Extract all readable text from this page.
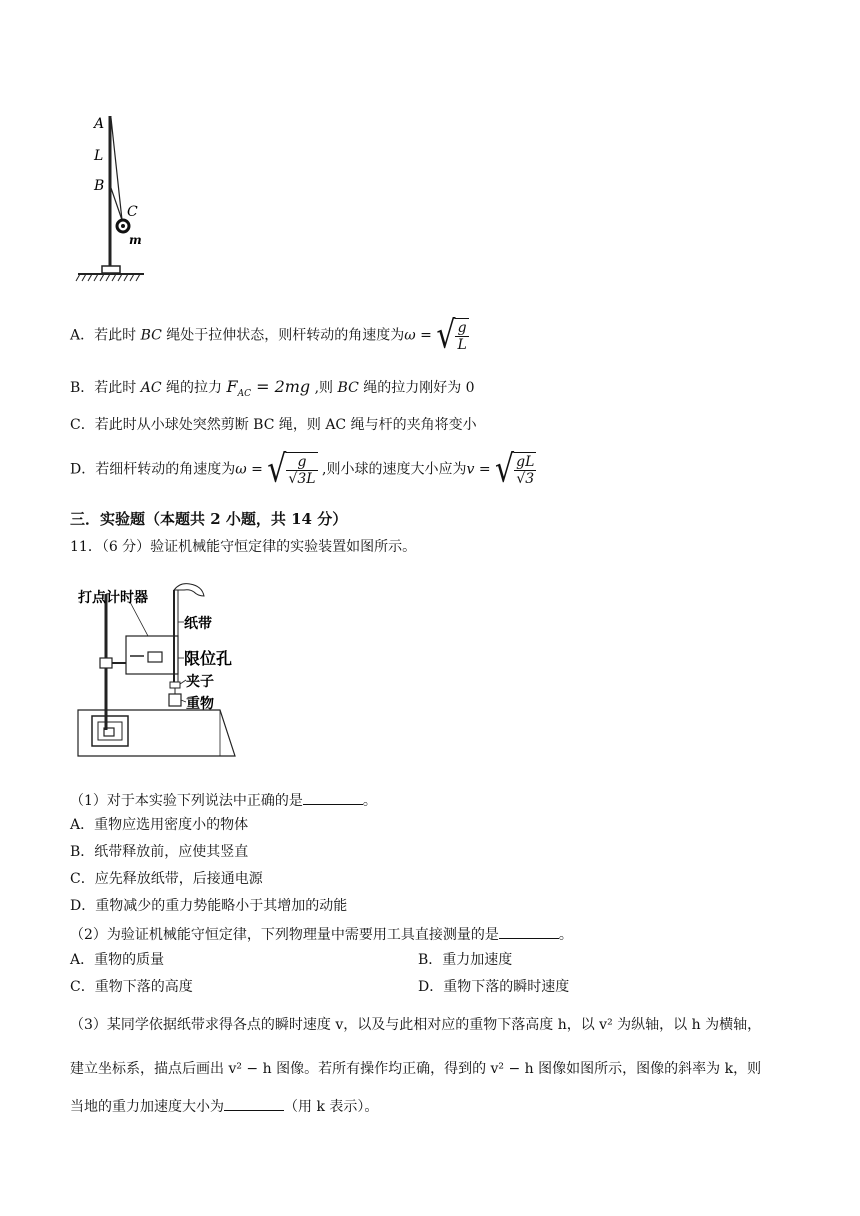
A
L
B
C
m
A．若此时 BC 绳处于拉伸状态，则杆转动的角速度为ω = √ $\frac{g}{L}$
B．若此时 AC 绳的拉力 $F_{AC} = 2mg$ ,则 BC 绳的拉力刚好为 0
C．若此时从小球处突然剪断 BC 绳，则 AC 绳与杆的夹角将变小
D．若细杆转动的角速度为ω = √ $\frac{g}{√3L}$ ,则小球的速度大小应为v = √ $\frac{gL}{√3}$
三．实验题（本题共 2 小题，共 14 分）
11．（6 分）验证机械能守恒定律的实验装置如图所示。
打点计时器
纸带
限位孔
夹子
重物
（1）对于本实验下列说法中正确的是	。
A．重物应选用密度小的物体
B．纸带释放前，应使其竖直
C．应先释放纸带，后接通电源
D．重物减少的重力势能略小于其增加的动能
（2）为验证机械能守恒定律，下列物理量中需要用工具直接测量的是	。
A．重物的质量	B．重力加速度
C．重物下落的高度	D．重物下落的瞬时速度
（3）某同学依据纸带求得各点的瞬时速度 v，以及与此相对应的重物下落高度 h，以 v² 为纵轴，以 h 为横轴，
建立坐标系，描点后画出 v² − h 图像。若所有操作均正确，得到的 v² − h 图像如图所示，图像的斜率为 k，则
当地的重力加速度大小为	（用 k 表示）。
